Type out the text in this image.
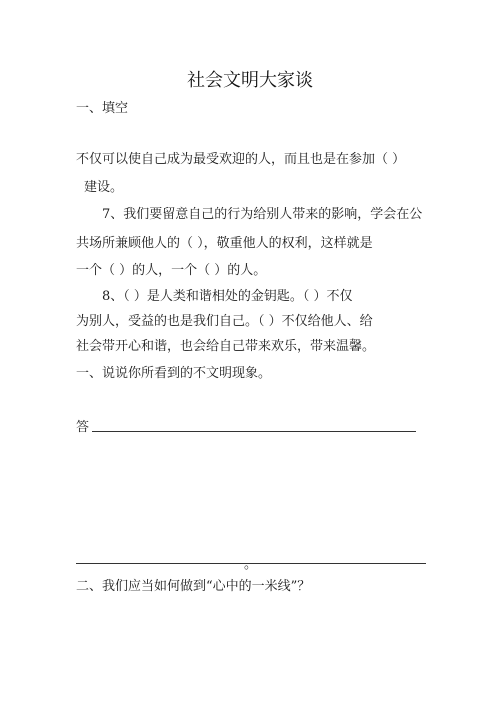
社会文明大家谈
一、填空
不仅可以使自己成为最受欢迎的人，而且也是在参加（ ）
建设。
7、我们要留意自己的行为给别人带来的影响，学会在公
共场所兼顾他人的（ ），敬重他人的权利，这样就是
一个（ ）的人，一个（ ）的人。
8、（ ）是人类和谐相处的金钥匙。（ ）不仅
为别人，受益的也是我们自己。（ ）不仅给他人、给
社会带开心和谐，也会给自己带来欢乐，带来温馨。
一、说说你所看到的不文明现象。
答
。
二、我们应当如何做到“心中的一米线”？
